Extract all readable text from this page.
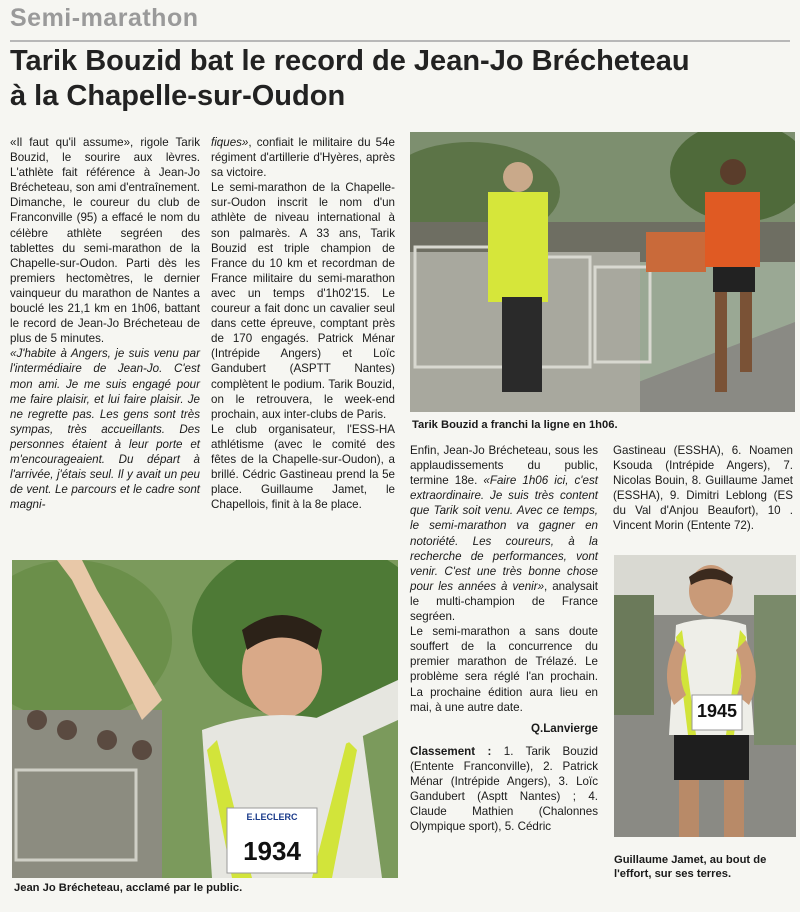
Semi-marathon
Tarik Bouzid bat le record de Jean-Jo Brécheteau
à la Chapelle-sur-Oudon

«Il faut qu'il assume», rigole Tarik Bouzid, le sourire aux lèvres. L'athlète fait référence à Jean-Jo Brécheteau, son ami d'entraînement. Dimanche, le coureur du club de Franconville (95) a effacé le nom du célèbre athlète segréen des tablettes du semi-marathon de la Chapelle-sur-Oudon. Parti dès les premiers hectomètres, le dernier vainqueur du marathon de Nantes a bouclé les 21,1 km en 1h06, battant le record de Jean-Jo Brécheteau de plus de 5 minutes.

«J'habite à Angers, je suis venu par l'intermédiaire de Jean-Jo. C'est mon ami. Je me suis engagé pour me faire plaisir, et lui faire plaisir. Je ne regrette pas. Les gens sont très sympas, très accueillants. Des personnes étaient à leur porte et m'encourageaient. Du départ à l'arrivée, j'étais seul. Il y avait un peu de vent. Le parcours et le cadre sont magni-

fiques», confiait le militaire du 54e régiment d'artillerie d'Hyères, après sa victoire.

Le semi-marathon de la Chapelle-sur-Oudon inscrit le nom d'un athlète de niveau international à son palmarès. A 33 ans, Tarik Bouzid est triple champion de France du 10 km et recordman de France militaire du semi-marathon avec un temps d'1h02'15. Le coureur a fait donc un cavalier seul dans cette épreuve, comptant près de 170 engagés. Patrick Ménar (Intrépide Angers) et Loïc Gandubert (ASPTT Nantes) complètent le podium. Tarik Bouzid, on le retrouvera, le week-end prochain, aux inter-clubs de Paris.

Le club organisateur, l'ESS-HA athlétisme (avec le comité des fêtes de la Chapelle-sur-Oudon), a brillé. Cédric Gastineau prend la 5e place. Guillaume Jamet, le Chapellois, finit à la 8e place.

Tarik Bouzid a franchi la ligne en 1h06.

Enfin, Jean-Jo Brécheteau, sous les applaudissements du public, termine 18e. «Faire 1h06 ici, c'est extraordinaire. Je suis très content que Tarik soit venu. Avec ce temps, le semi-marathon va gagner en notoriété. Les coureurs, à la recherche de performances, vont venir. C'est une très bonne chose pour les années à venir», analysait le multi-champion de France segréen.

Le semi-marathon a sans doute souffert de la concurrence du premier marathon de Trélazé. Le problème sera réglé l'an prochain. La prochaine édition aura lieu en mai, à une autre date.

Q.Lanvierge

Classement : 1. Tarik Bouzid (Entente Franconville), 2. Patrick Ménar (Intrépide Angers), 3. Loïc Gandubert (Asptt Nantes) ; 4. Claude Mathien (Chalonnes Olympique sport), 5. Cédric

Gastineau (ESSHA), 6. Noamen Ksouda (Intrépide Angers), 7. Nicolas Bouin, 8. Guillaume Jamet (ESSHA), 9. Dimitri Leblong (ES du Val d'Anjou Beaufort), 10 . Vincent Morin (Entente 72).

E.LECLERC
1934
Jean Jo Brécheteau, acclamé par le public.
1945
Guillaume Jamet, au bout de l'effort, sur ses terres.
